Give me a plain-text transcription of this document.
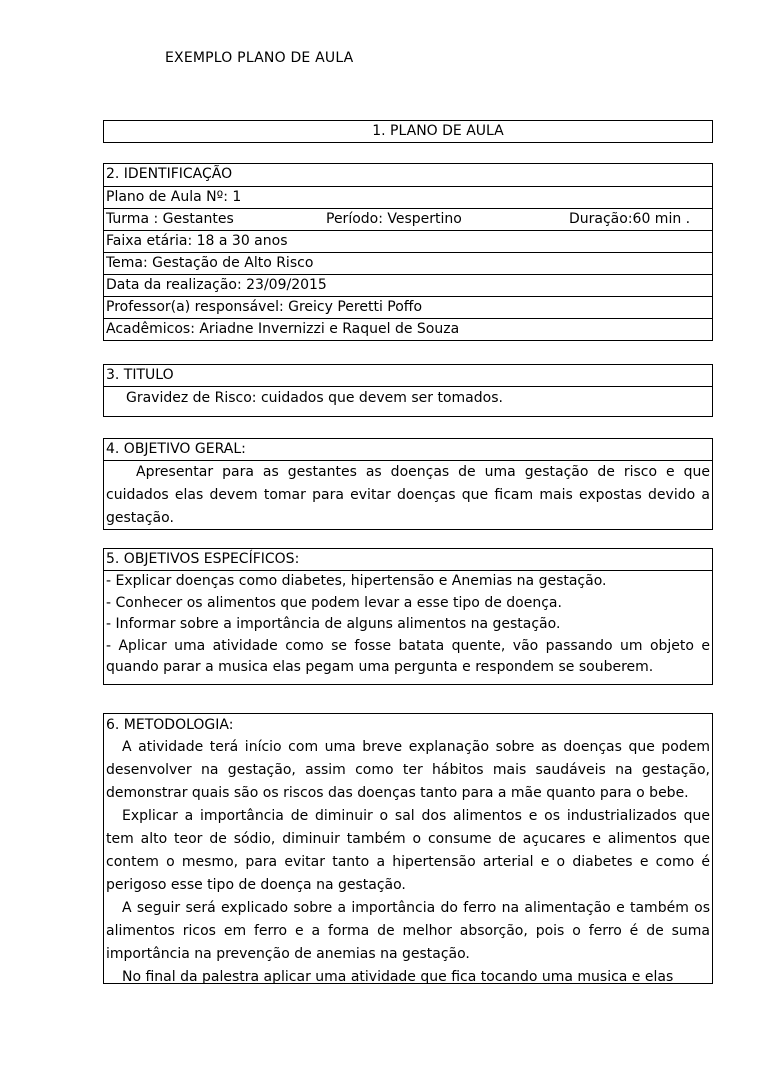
EXEMPLO PLANO DE AULA
1. PLANO DE AULA
2. IDENTIFICAÇÃO
Plano de Aula Nº: 1
Turma : Gestantes	Período: Vespertino	Duração:60 min .
Faixa etária: 18 a 30 anos
Tema: Gestação de Alto Risco
Data da realização: 23/09/2015
Professor(a) responsável: Greicy Peretti Poffo
Acadêmicos: Ariadne Invernizzi e Raquel de Souza
3. TITULO
Gravidez de Risco: cuidados que devem ser tomados.
4. OBJETIVO GERAL:

Apresentar para as gestantes as doenças de uma gestação de risco e que cuidados elas devem tomar para evitar doenças que ficam mais expostas devido a gestação.

5. OBJETIVOS ESPECÍFICOS:
- Explicar doenças como diabetes, hipertensão e Anemias na gestação.
- Conhecer os alimentos que podem levar a esse tipo de doença.
- Informar sobre a importância de alguns alimentos na gestação.
- Aplicar uma atividade como se fosse batata quente, vão passando um objeto e quando parar a musica elas pegam uma pergunta e respondem se souberem.
6. METODOLOGIA:

A atividade terá início com uma breve explanação sobre as doenças que podem desenvolver na gestação, assim como ter hábitos mais saudáveis na gestação, demonstrar quais são os riscos das doenças tanto para a mãe quanto para o bebe.

Explicar a importância de diminuir o sal dos alimentos e os industrializados que tem alto teor de sódio, diminuir também o consume de açucares e alimentos que contem o mesmo, para evitar tanto a hipertensão arterial e o diabetes e como é perigoso esse tipo de doença na gestação.

A seguir será explicado sobre a importância do ferro na alimentação e também os alimentos ricos em ferro e a forma de melhor absorção, pois o ferro é de suma importância na prevenção de anemias na gestação.

No final da palestra aplicar uma atividade que fica tocando uma musica e elas
